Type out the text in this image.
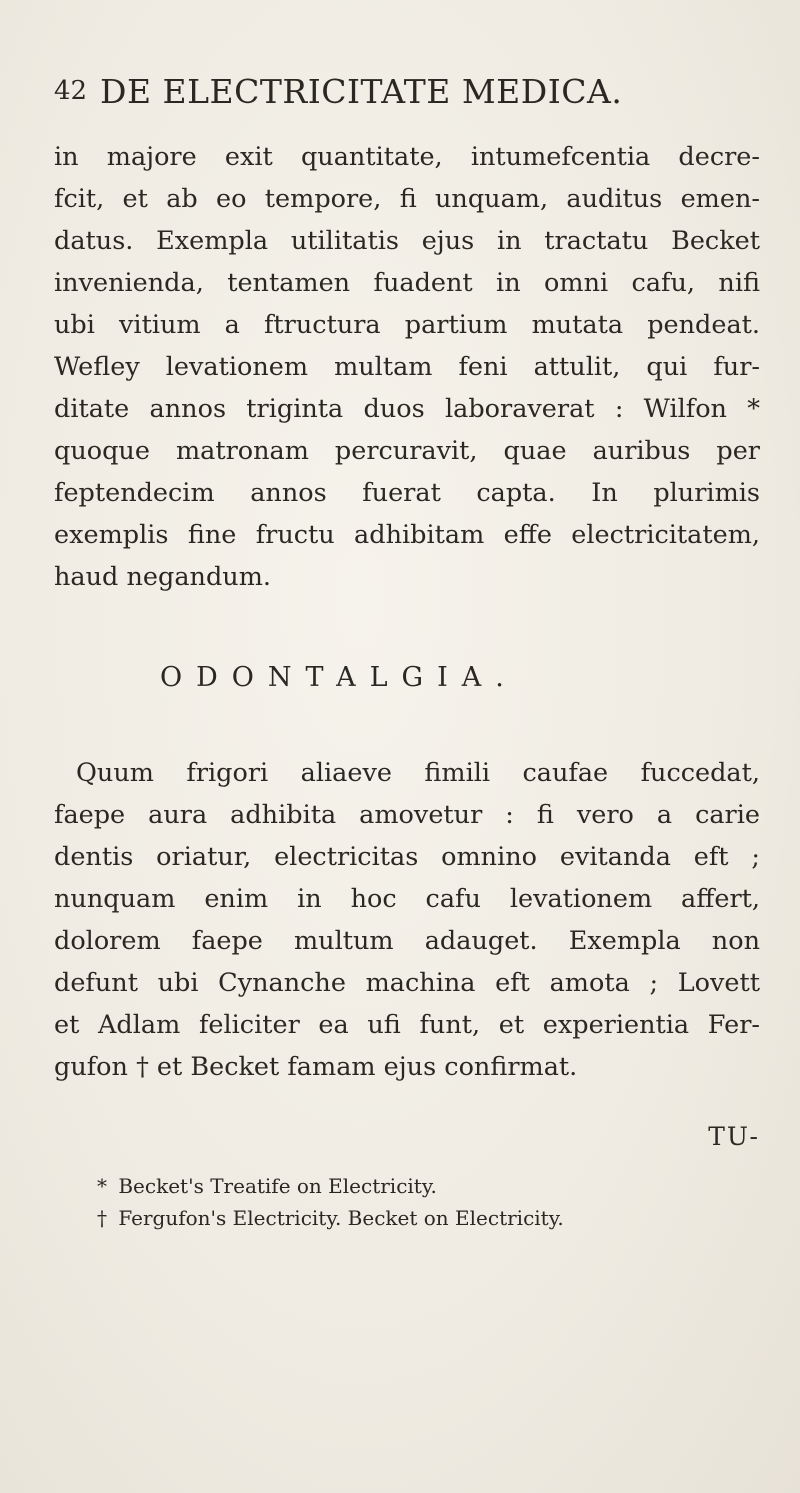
42 DE ELECTRICITATE MEDICA.
in majore exit quantitate, intumefcentia decre-
fcit, et ab eo tempore, fi unquam, auditus emen-
datus. Exempla utilitatis ejus in tractatu Becket
invenienda, tentamen fuadent in omni cafu, nifi
ubi vitium a ftructura partium mutata pendeat.
Wefley levationem multam feni attulit, qui fur-
ditate annos triginta duos laboraverat : Wilfon *
quoque matronam percuravit, quae auribus per
feptendecim annos fuerat capta. In plurimis
exemplis fine fructu adhibitam effe electricitatem,
haud negandum.
ODONTALGIA.
Quum frigori aliaeve fimili caufae fuccedat,
faepe aura adhibita amovetur : fi vero a carie
dentis oriatur, electricitas omnino evitanda eft ;
nunquam enim in hoc cafu levationem affert,
dolorem faepe multum adauget. Exempla non
defunt ubi Cynanche machina eft amota ; Lovett
et Adlam feliciter ea ufi funt, et experientia Fer-
gufon † et Becket famam ejus confirmat.
TU-
* Becket's Treatife on Electricity.
† Fergufon's Electricity. Becket on Electricity.
